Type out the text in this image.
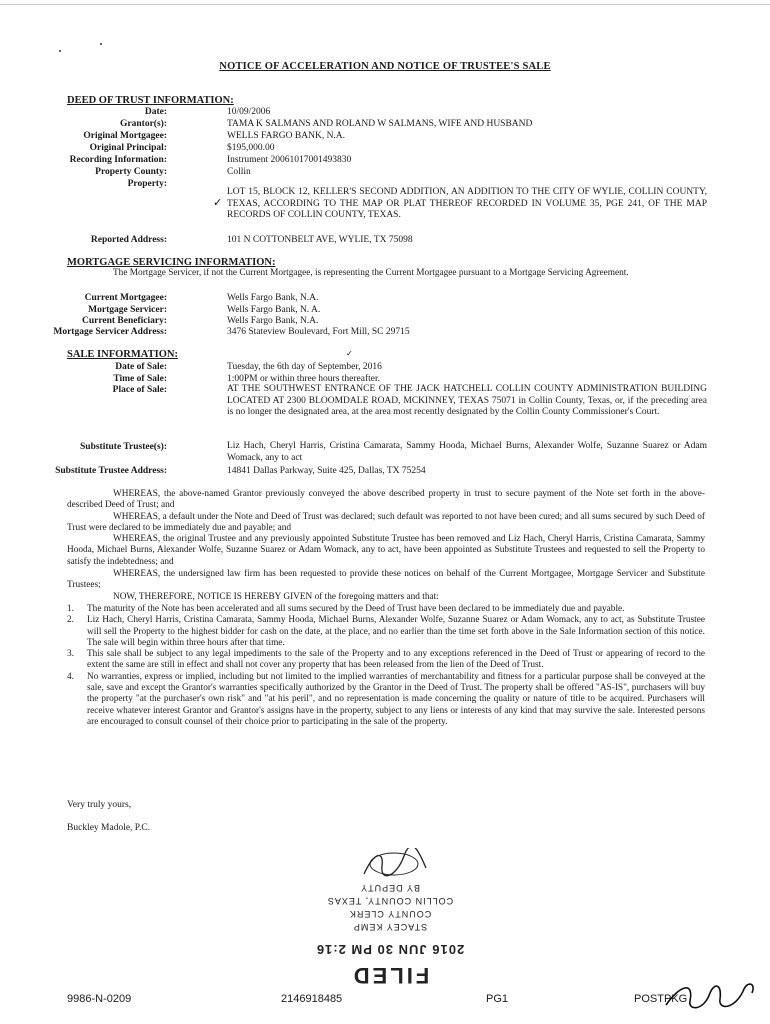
NOTICE OF ACCELERATION AND NOTICE OF TRUSTEE'S SALE
DEED OF TRUST INFORMATION:
Date:	10/09/2006
Grantor(s):	TAMA K SALMANS AND ROLAND W SALMANS, WIFE AND HUSBAND
Original Mortgagee:	WELLS FARGO BANK, N.A.
Original Principal:	$195,000.00
Recording Information:	Instrument 20061017001493830
Property County:	Collin
Property:
✓
LOT 15, BLOCK 12, KELLER'S SECOND ADDITION, AN ADDITION TO THE CITY OF WYLIE, COLLIN COUNTY, TEXAS, ACCORDING TO THE MAP OR PLAT THEREOF RECORDED IN VOLUME 35, PGE 241, OF THE MAP RECORDS OF COLLIN COUNTY, TEXAS.
Reported Address:	101 N COTTONBELT AVE, WYLIE, TX 75098
MORTGAGE SERVICING INFORMATION:
The Mortgage Servicer, if not the Current Mortgagee, is representing the Current Mortgagee pursuant to a Mortgage Servicing Agreement.
Current Mortgagee:	Wells Fargo Bank, N.A.
Mortgage Servicer:	Wells Fargo Bank, N. A.
Current Beneficiary:	Wells Fargo Bank, N.A.
Mortgage Servicer Address:	3476 Stateview Boulevard, Fort Mill, SC 29715
SALE INFORMATION:	✓
Date of Sale:	Tuesday, the 6th day of September, 2016
Time of Sale:	1:00PM or within three hours thereafter.
Place of Sale:	AT THE SOUTHWEST ENTRANCE OF THE JACK HATCHELL COLLIN COUNTY ADMINISTRATION BUILDING LOCATED AT 2300 BLOOMDALE ROAD, MCKINNEY, TEXAS 75071 in Collin County, Texas, or, if the preceding area is no longer the designated area, at the area most recently designated by the Collin County Commissioner's Court.
Substitute Trustee(s):	Liz Hach, Cheryl Harris, Cristina Camarata, Sammy Hooda, Michael Burns, Alexander Wolfe, Suzanne Suarez or Adam Womack, any to act
Substitute Trustee Address:	14841 Dallas Parkway, Suite 425, Dallas, TX 75254
WHEREAS, the above-named Grantor previously conveyed the above described property in trust to secure payment of the Note set forth in the above-described Deed of Trust; and
WHEREAS, a default under the Note and Deed of Trust was declared; such default was reported to not have been cured; and all sums secured by such Deed of Trust were declared to be immediately due and payable; and
WHEREAS, the original Trustee and any previously appointed Substitute Trustee has been removed and Liz Hach, Cheryl Harris, Cristina Camarata, Sammy Hooda, Michael Burns, Alexander Wolfe, Suzanne Suarez or Adam Womack, any to act, have been appointed as Substitute Trustees and requested to sell the Property to satisfy the indebtedness; and
WHEREAS, the undersigned law firm has been requested to provide these notices on behalf of the Current Mortgagee, Mortgage Servicer and Substitute Trustees;
NOW, THEREFORE, NOTICE IS HEREBY GIVEN of the foregoing matters and that:
1. The maturity of the Note has been accelerated and all sums secured by the Deed of Trust have been declared to be immediately due and payable.
2. Liz Hach, Cheryl Harris, Cristina Camarata, Sammy Hooda, Michael Burns, Alexander Wolfe, Suzanne Suarez or Adam Womack, any to act, as Substitute Trustee will sell the Property to the highest bidder for cash on the date, at the place, and no earlier than the time set forth above in the Sale Information section of this notice. The sale will begin within three hours after that time.
3. This sale shall be subject to any legal impediments to the sale of the Property and to any exceptions referenced in the Deed of Trust or appearing of record to the extent the same are still in effect and shall not cover any property that has been released from the lien of the Deed of Trust.
4. No warranties, express or implied, including but not limited to the implied warranties of merchantability and fitness for a particular purpose shall be conveyed at the sale, save and except the Grantor's warranties specifically authorized by the Grantor in the Deed of Trust. The property shall be offered "AS-IS", purchasers will buy the property "at the purchaser's own risk" and "at his peril", and no representation is made concerning the quality or nature of title to be acquired. Purchasers will receive whatever interest Grantor and Grantor's assigns have in the property, subject to any liens or interests of any kind that may survive the sale. Interested persons are encouraged to consult counsel of their choice prior to participating in the sale of the property.
Very truly yours,
Buckley Madole, P.C.
FILED
2016 JUN 30 PM 2:16
STACEY KEMP
COUNTY CLERK
COLLIN COUNTY, TEXAS
BY DEPUTY
9986-N-0209	2146918485	PG1	POSTPKG
